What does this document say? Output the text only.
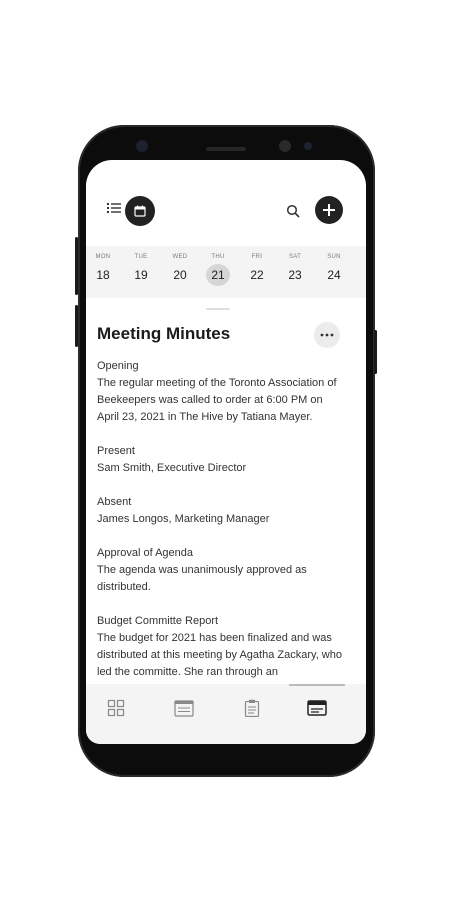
MON
18
TUE
19
WED
20
THU
21
FRI
22
SAT
23
SUN
24
Meeting Minutes

Opening

The regular meeting of the Toronto Association of Beekeepers was called to order at 6:00 PM on April 23, 2021 in The Hive by Tatiana Mayer.

Present

Sam Smith, Executive Director

Absent

James Longos, Marketing Manager

Approval of Agenda

The agenda was unanimously approved as distributed.

Budget Committe Report

The budget for 2021 has been finalized and was distributed at this meeting by Agatha Zackary, who led the committe. She ran through an
